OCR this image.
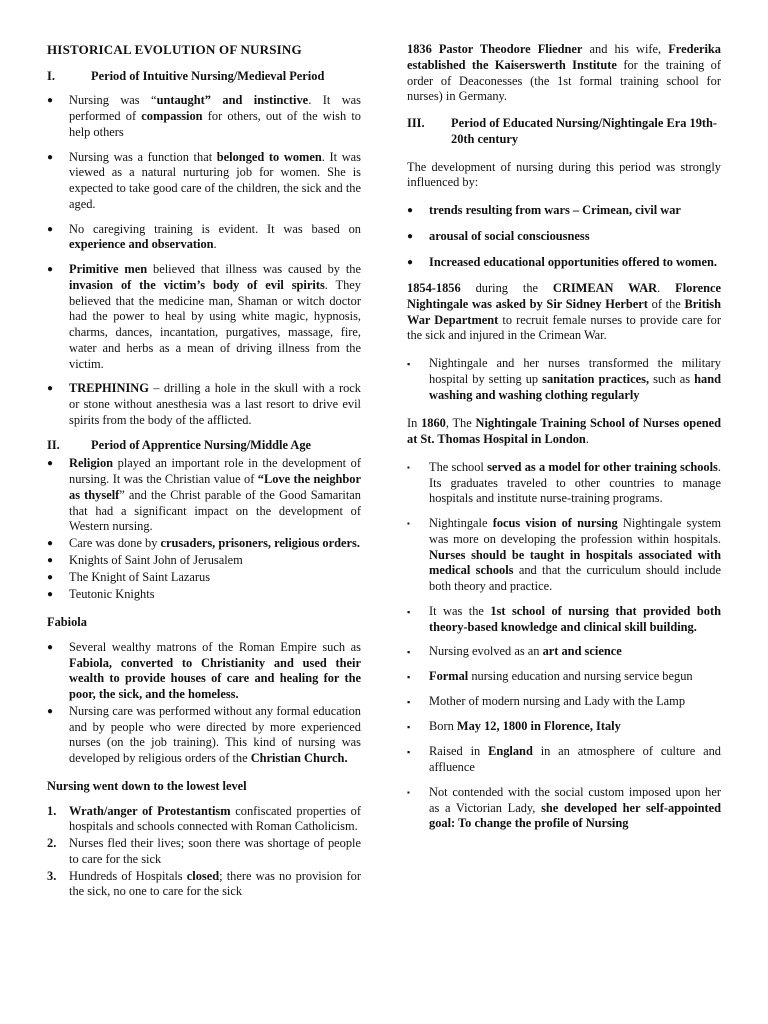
HISTORICAL EVOLUTION OF NURSING

I.	Period of Intuitive Nursing/Medieval Period
●	Nursing was “untaught” and instinctive. It was performed of compassion for others, out of the wish to help others
●	Nursing was a function that belonged to women. It was viewed as a natural nurturing job for women. She is expected to take good care of the children, the sick and the aged.
●	No caregiving training is evident. It was based on experience and observation.
●	Primitive men believed that illness was caused by the invasion of the victim’s body of evil spirits. They believed that the medicine man, Shaman or witch doctor had the power to heal by using white magic, hypnosis, charms, dances, incantation, purgatives, massage, fire, water and herbs as a mean of driving illness from the victim.
●	TREPHINING – drilling a hole in the skull with a rock or stone without anesthesia was a last resort to drive evil spirits from the body of the afflicted.
II.	Period of Apprentice Nursing/Middle Age
●	Religion played an important role in the development of nursing. It was the Christian value of “Love the neighbor as thyself” and the Christ parable of the Good Samaritan that had a significant impact on the development of Western nursing.
●	Care was done by crusaders, prisoners, religious orders.
●	Knights of Saint John of Jerusalem
●	The Knight of Saint Lazarus
●	Teutonic Knights

Fabiola

●	Several wealthy matrons of the Roman Empire such as Fabiola, converted to Christianity and used their wealth to provide houses of care and healing for the poor, the sick, and the homeless.
●	Nursing care was performed without any formal education and by people who were directed by more experienced nurses (on the job training). This kind of nursing was developed by religious orders of the Christian Church.

Nursing went down to the lowest level

1.	Wrath/anger of Protestantism confiscated properties of hospitals and schools connected with Roman Catholicism.
2.	Nurses fled their lives; soon there was shortage of people to care for the sick
3.	Hundreds of Hospitals closed; there was no provision for the sick, no one to care for the sick

1836 Pastor Theodore Fliedner and his wife, Frederika established the Kaiserswerth Institute for the training of order of Deaconesses (the 1st formal training school for nurses) in Germany.

III.	Period of Educated Nursing/Nightingale Era 19th-20th century

The development of nursing during this period was strongly influenced by:

●	trends resulting from wars – Crimean, civil war
●	arousal of social consciousness
●	Increased educational opportunities offered to women.

1854-1856 during the CRIMEAN WAR. Florence Nightingale was asked by Sir Sidney Herbert of the British War Department to recruit female nurses to provide care for the sick and injured in the Crimean War.

▪	Nightingale and her nurses transformed the military hospital by setting up sanitation practices, such as hand washing and washing clothing regularly

In 1860, The Nightingale Training School of Nurses opened at St. Thomas Hospital in London.

▪	The school served as a model for other training schools. Its graduates traveled to other countries to manage hospitals and institute nurse-training programs.
▪	Nightingale focus vision of nursing Nightingale system was more on developing the profession within hospitals. Nurses should be taught in hospitals associated with medical schools and that the curriculum should include both theory and practice.
▪	It was the 1st school of nursing that provided both theory-based knowledge and clinical skill building.
▪	Nursing evolved as an art and science
▪	Formal nursing education and nursing service begun
▪	Mother of modern nursing and Lady with the Lamp
▪	Born May 12, 1800 in Florence, Italy
▪	Raised in England in an atmosphere of culture and affluence
▪	Not contended with the social custom imposed upon her as a Victorian Lady, she developed her self-appointed goal: To change the profile of Nursing
